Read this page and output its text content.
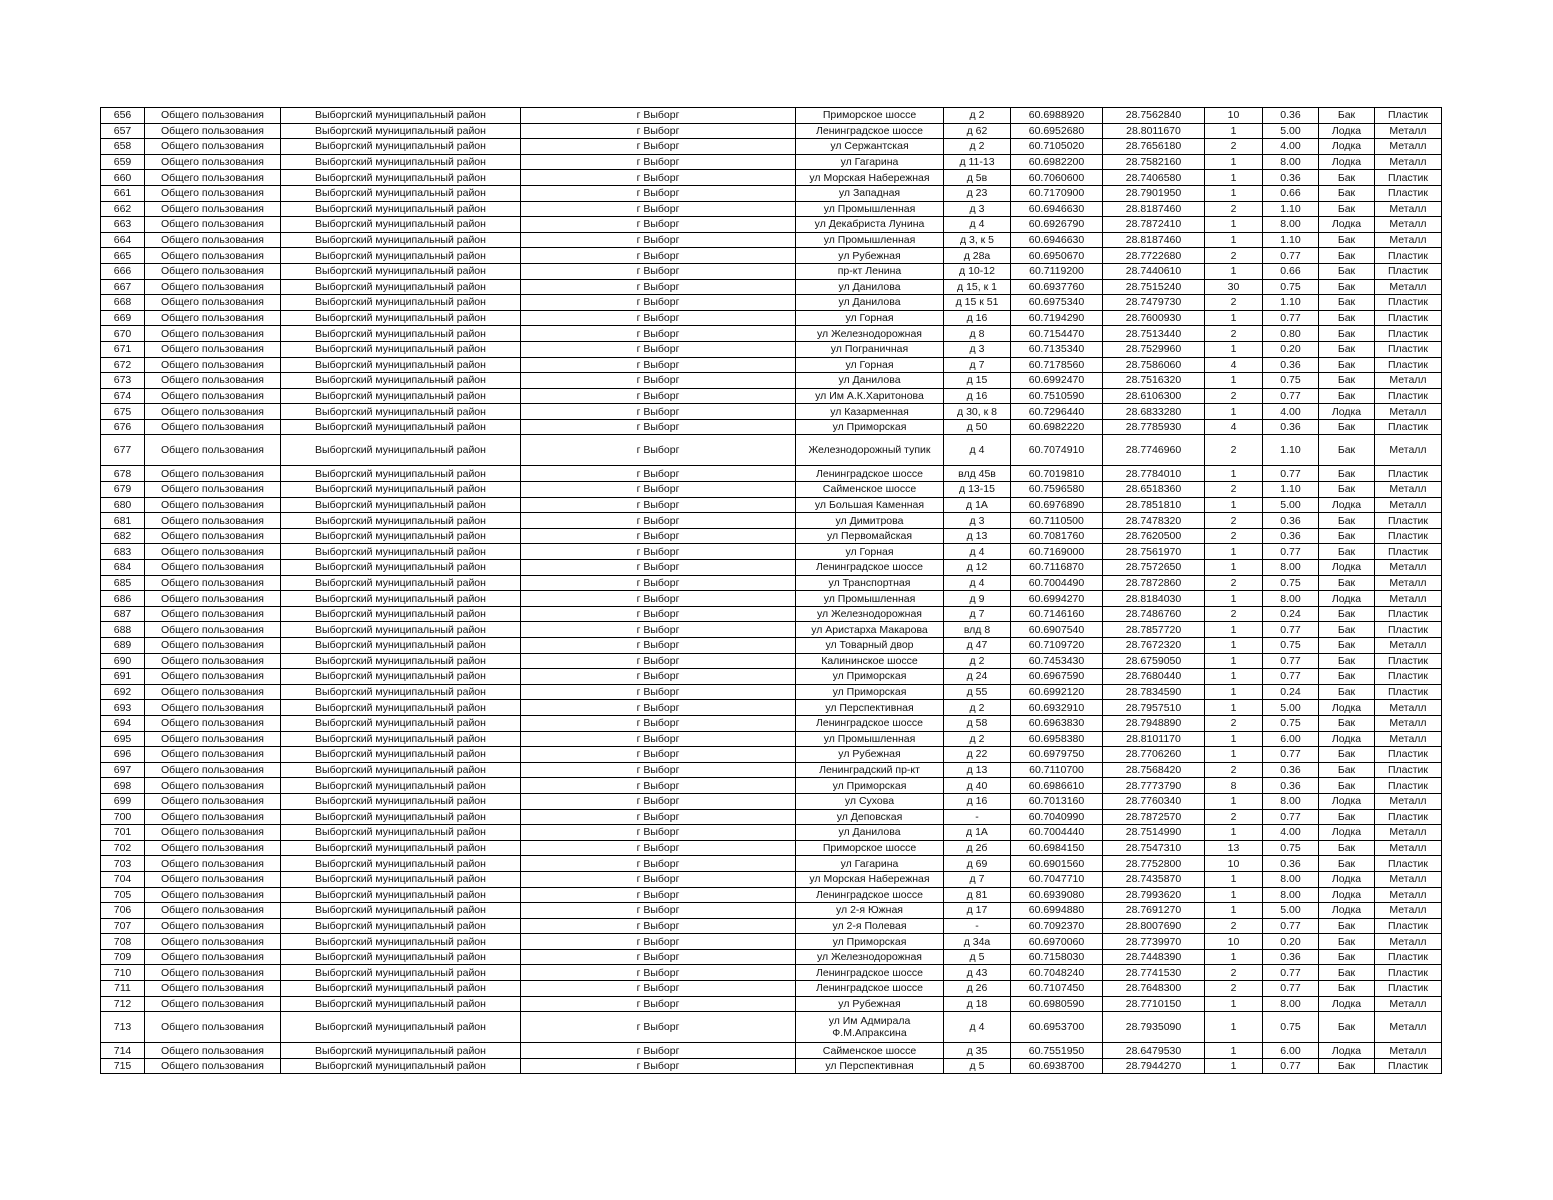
656	Общего пользования	Выборгский муниципальный район	г Выборг	Приморское шоссе	д 2	60.6988920	28.7562840	10	0.36	Бак	Пластик
657	Общего пользования	Выборгский муниципальный район	г Выборг	Ленинградское шоссе	д 62	60.6952680	28.8011670	1	5.00	Лодка	Металл
658	Общего пользования	Выборгский муниципальный район	г Выборг	ул Сержантская	д 2	60.7105020	28.7656180	2	4.00	Лодка	Металл
659	Общего пользования	Выборгский муниципальный район	г Выборг	ул Гагарина	д 11-13	60.6982200	28.7582160	1	8.00	Лодка	Металл
660	Общего пользования	Выборгский муниципальный район	г Выборг	ул Морская Набережная	д 5в	60.7060600	28.7406580	1	0.36	Бак	Пластик
661	Общего пользования	Выборгский муниципальный район	г Выборг	ул Западная	д 23	60.7170900	28.7901950	1	0.66	Бак	Пластик
662	Общего пользования	Выборгский муниципальный район	г Выборг	ул Промышленная	д 3	60.6946630	28.8187460	2	1.10	Бак	Металл
663	Общего пользования	Выборгский муниципальный район	г Выборг	ул Декабриста Лунина	д 4	60.6926790	28.7872410	1	8.00	Лодка	Металл
664	Общего пользования	Выборгский муниципальный район	г Выборг	ул Промышленная	д 3, к 5	60.6946630	28.8187460	1	1.10	Бак	Металл
665	Общего пользования	Выборгский муниципальный район	г Выборг	ул Рубежная	д 28а	60.6950670	28.7722680	2	0.77	Бак	Пластик
666	Общего пользования	Выборгский муниципальный район	г Выборг	пр-кт Ленина	д 10-12	60.7119200	28.7440610	1	0.66	Бак	Пластик
667	Общего пользования	Выборгский муниципальный район	г Выборг	ул Данилова	д 15, к 1	60.6937760	28.7515240	30	0.75	Бак	Металл
668	Общего пользования	Выборгский муниципальный район	г Выборг	ул Данилова	д 15 к 51	60.6975340	28.7479730	2	1.10	Бак	Пластик
669	Общего пользования	Выборгский муниципальный район	г Выборг	ул Горная	д 16	60.7194290	28.7600930	1	0.77	Бак	Пластик
670	Общего пользования	Выборгский муниципальный район	г Выборг	ул Железнодорожная	д 8	60.7154470	28.7513440	2	0.80	Бак	Пластик
671	Общего пользования	Выборгский муниципальный район	г Выборг	ул Пограничная	д 3	60.7135340	28.7529960	1	0.20	Бак	Пластик
672	Общего пользования	Выборгский муниципальный район	г Выборг	ул Горная	д 7	60.7178560	28.7586060	4	0.36	Бак	Пластик
673	Общего пользования	Выборгский муниципальный район	г Выборг	ул Данилова	д 15	60.6992470	28.7516320	1	0.75	Бак	Металл
674	Общего пользования	Выборгский муниципальный район	г Выборг	ул Им А.К.Харитонова	д 16	60.7510590	28.6106300	2	0.77	Бак	Пластик
675	Общего пользования	Выборгский муниципальный район	г Выборг	ул Казарменная	д 30, к 8	60.7296440	28.6833280	1	4.00	Лодка	Металл
676	Общего пользования	Выборгский муниципальный район	г Выборг	ул Приморская	д 50	60.6982220	28.7785930	4	0.36	Бак	Пластик
677	Общего пользования	Выборгский муниципальный район	г Выборг	Железнодорожный тупик	д 4	60.7074910	28.7746960	2	1.10	Бак	Металл
678	Общего пользования	Выборгский муниципальный район	г Выборг	Ленинградское шоссе	влд 45в	60.7019810	28.7784010	1	0.77	Бак	Пластик
679	Общего пользования	Выборгский муниципальный район	г Выборг	Сайменское шоссе	д 13-15	60.7596580	28.6518360	2	1.10	Бак	Металл
680	Общего пользования	Выборгский муниципальный район	г Выборг	ул Большая Каменная	д 1А	60.6976890	28.7851810	1	5.00	Лодка	Металл
681	Общего пользования	Выборгский муниципальный район	г Выборг	ул Димитрова	д 3	60.7110500	28.7478320	2	0.36	Бак	Пластик
682	Общего пользования	Выборгский муниципальный район	г Выборг	ул Первомайская	д 13	60.7081760	28.7620500	2	0.36	Бак	Пластик
683	Общего пользования	Выборгский муниципальный район	г Выборг	ул Горная	д 4	60.7169000	28.7561970	1	0.77	Бак	Пластик
684	Общего пользования	Выборгский муниципальный район	г Выборг	Ленинградское шоссе	д 12	60.7116870	28.7572650	1	8.00	Лодка	Металл
685	Общего пользования	Выборгский муниципальный район	г Выборг	ул Транспортная	д 4	60.7004490	28.7872860	2	0.75	Бак	Металл
686	Общего пользования	Выборгский муниципальный район	г Выборг	ул Промышленная	д 9	60.6994270	28.8184030	1	8.00	Лодка	Металл
687	Общего пользования	Выборгский муниципальный район	г Выборг	ул Железнодорожная	д 7	60.7146160	28.7486760	2	0.24	Бак	Пластик
688	Общего пользования	Выборгский муниципальный район	г Выборг	ул Аристарха Макарова	влд 8	60.6907540	28.7857720	1	0.77	Бак	Пластик
689	Общего пользования	Выборгский муниципальный район	г Выборг	ул Товарный двор	д 47	60.7109720	28.7672320	1	0.75	Бак	Металл
690	Общего пользования	Выборгский муниципальный район	г Выборг	Калининское шоссе	д 2	60.7453430	28.6759050	1	0.77	Бак	Пластик
691	Общего пользования	Выборгский муниципальный район	г Выборг	ул Приморская	д 24	60.6967590	28.7680440	1	0.77	Бак	Пластик
692	Общего пользования	Выборгский муниципальный район	г Выборг	ул Приморская	д 55	60.6992120	28.7834590	1	0.24	Бак	Пластик
693	Общего пользования	Выборгский муниципальный район	г Выборг	ул Перспективная	д 2	60.6932910	28.7957510	1	5.00	Лодка	Металл
694	Общего пользования	Выборгский муниципальный район	г Выборг	Ленинградское шоссе	д 58	60.6963830	28.7948890	2	0.75	Бак	Металл
695	Общего пользования	Выборгский муниципальный район	г Выборг	ул Промышленная	д 2	60.6958380	28.8101170	1	6.00	Лодка	Металл
696	Общего пользования	Выборгский муниципальный район	г Выборг	ул Рубежная	д 22	60.6979750	28.7706260	1	0.77	Бак	Пластик
697	Общего пользования	Выборгский муниципальный район	г Выборг	Ленинградский пр-кт	д 13	60.7110700	28.7568420	2	0.36	Бак	Пластик
698	Общего пользования	Выборгский муниципальный район	г Выборг	ул Приморская	д 40	60.6986610	28.7773790	8	0.36	Бак	Пластик
699	Общего пользования	Выборгский муниципальный район	г Выборг	ул Сухова	д 16	60.7013160	28.7760340	1	8.00	Лодка	Металл
700	Общего пользования	Выборгский муниципальный район	г Выборг	ул Деповская	-	60.7040990	28.7872570	2	0.77	Бак	Пластик
701	Общего пользования	Выборгский муниципальный район	г Выборг	ул Данилова	д 1А	60.7004440	28.7514990	1	4.00	Лодка	Металл
702	Общего пользования	Выборгский муниципальный район	г Выборг	Приморское шоссе	д 2б	60.6984150	28.7547310	13	0.75	Бак	Металл
703	Общего пользования	Выборгский муниципальный район	г Выборг	ул Гагарина	д 69	60.6901560	28.7752800	10	0.36	Бак	Пластик
704	Общего пользования	Выборгский муниципальный район	г Выборг	ул Морская Набережная	д 7	60.7047710	28.7435870	1	8.00	Лодка	Металл
705	Общего пользования	Выборгский муниципальный район	г Выборг	Ленинградское шоссе	д 81	60.6939080	28.7993620	1	8.00	Лодка	Металл
706	Общего пользования	Выборгский муниципальный район	г Выборг	ул 2-я Южная	д 17	60.6994880	28.7691270	1	5.00	Лодка	Металл
707	Общего пользования	Выборгский муниципальный район	г Выборг	ул 2-я Полевая	-	60.7092370	28.8007690	2	0.77	Бак	Пластик
708	Общего пользования	Выборгский муниципальный район	г Выборг	ул Приморская	д 34а	60.6970060	28.7739970	10	0.20	Бак	Металл
709	Общего пользования	Выборгский муниципальный район	г Выборг	ул Железнодорожная	д 5	60.7158030	28.7448390	1	0.36	Бак	Пластик
710	Общего пользования	Выборгский муниципальный район	г Выборг	Ленинградское шоссе	д 43	60.7048240	28.7741530	2	0.77	Бак	Пластик
711	Общего пользования	Выборгский муниципальный район	г Выборг	Ленинградское шоссе	д 26	60.7107450	28.7648300	2	0.77	Бак	Пластик
712	Общего пользования	Выборгский муниципальный район	г Выборг	ул Рубежная	д 18	60.6980590	28.7710150	1	8.00	Лодка	Металл
713	Общего пользования	Выборгский муниципальный район	г Выборг	ул Им Адмирала Ф.М.Апраксина	д 4	60.6953700	28.7935090	1	0.75	Бак	Металл
714	Общего пользования	Выборгский муниципальный район	г Выборг	Сайменское шоссе	д 35	60.7551950	28.6479530	1	6.00	Лодка	Металл
715	Общего пользования	Выборгский муниципальный район	г Выборг	ул Перспективная	д 5	60.6938700	28.7944270	1	0.77	Бак	Пластик
